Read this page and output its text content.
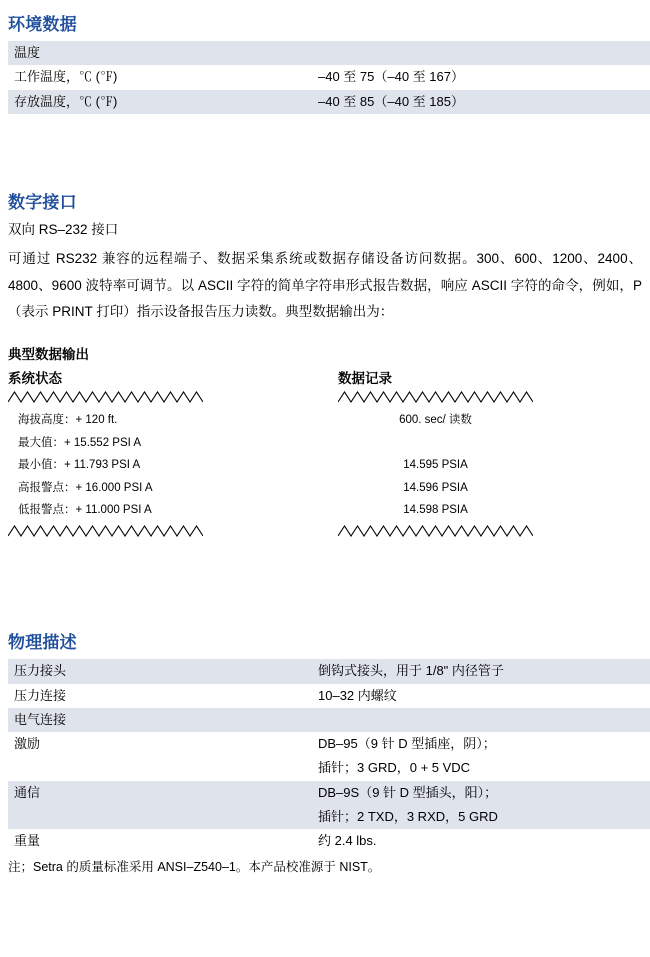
环境数据
温度	
工作温度，℃ (℉)	–40 至 75（–40 至 167）
存放温度，℃ (℉)	–40 至 85（–40 至 185）
数字接口
双向 RS–232 接口
可通过 RS232 兼容的远程端子、数据采集系统或数据存储设备访问数据。300、600、1200、2400、4800、9600 波特率可调节。以 ASCII 字符的简单字符串形式报告数据，响应 ASCII 字符的命令，例如，P（表示 PRINT 打印）指示设备报告压力读数。典型数据输出为：
典型数据输出
系统状态
海拔高度：+ 120 ft.
最大值：+ 15.552 PSI A
最小值：+ 11.793 PSI A
高报警点：+ 16.000 PSI A
低报警点：+ 11.000 PSI A
数据记录
600. sec/ 读数
14.595 PSIA
14.596 PSIA
14.598 PSIA
物理描述
压力接头	倒钩式接头，用于 1/8" 内径管子
压力连接	10–32 内螺纹
电气连接	
激励	DB–95（9 针 D 型插座，阴）；
	插针；3 GRD，0 + 5 VDC
通信	DB–9S（9 针 D 型插头，阳）；
	插针；2 TXD，3 RXD，5 GRD
重量	约 2.4 lbs.
注；Setra 的质量标准采用 ANSI–Z540–1。本产品校准源于 NIST。
